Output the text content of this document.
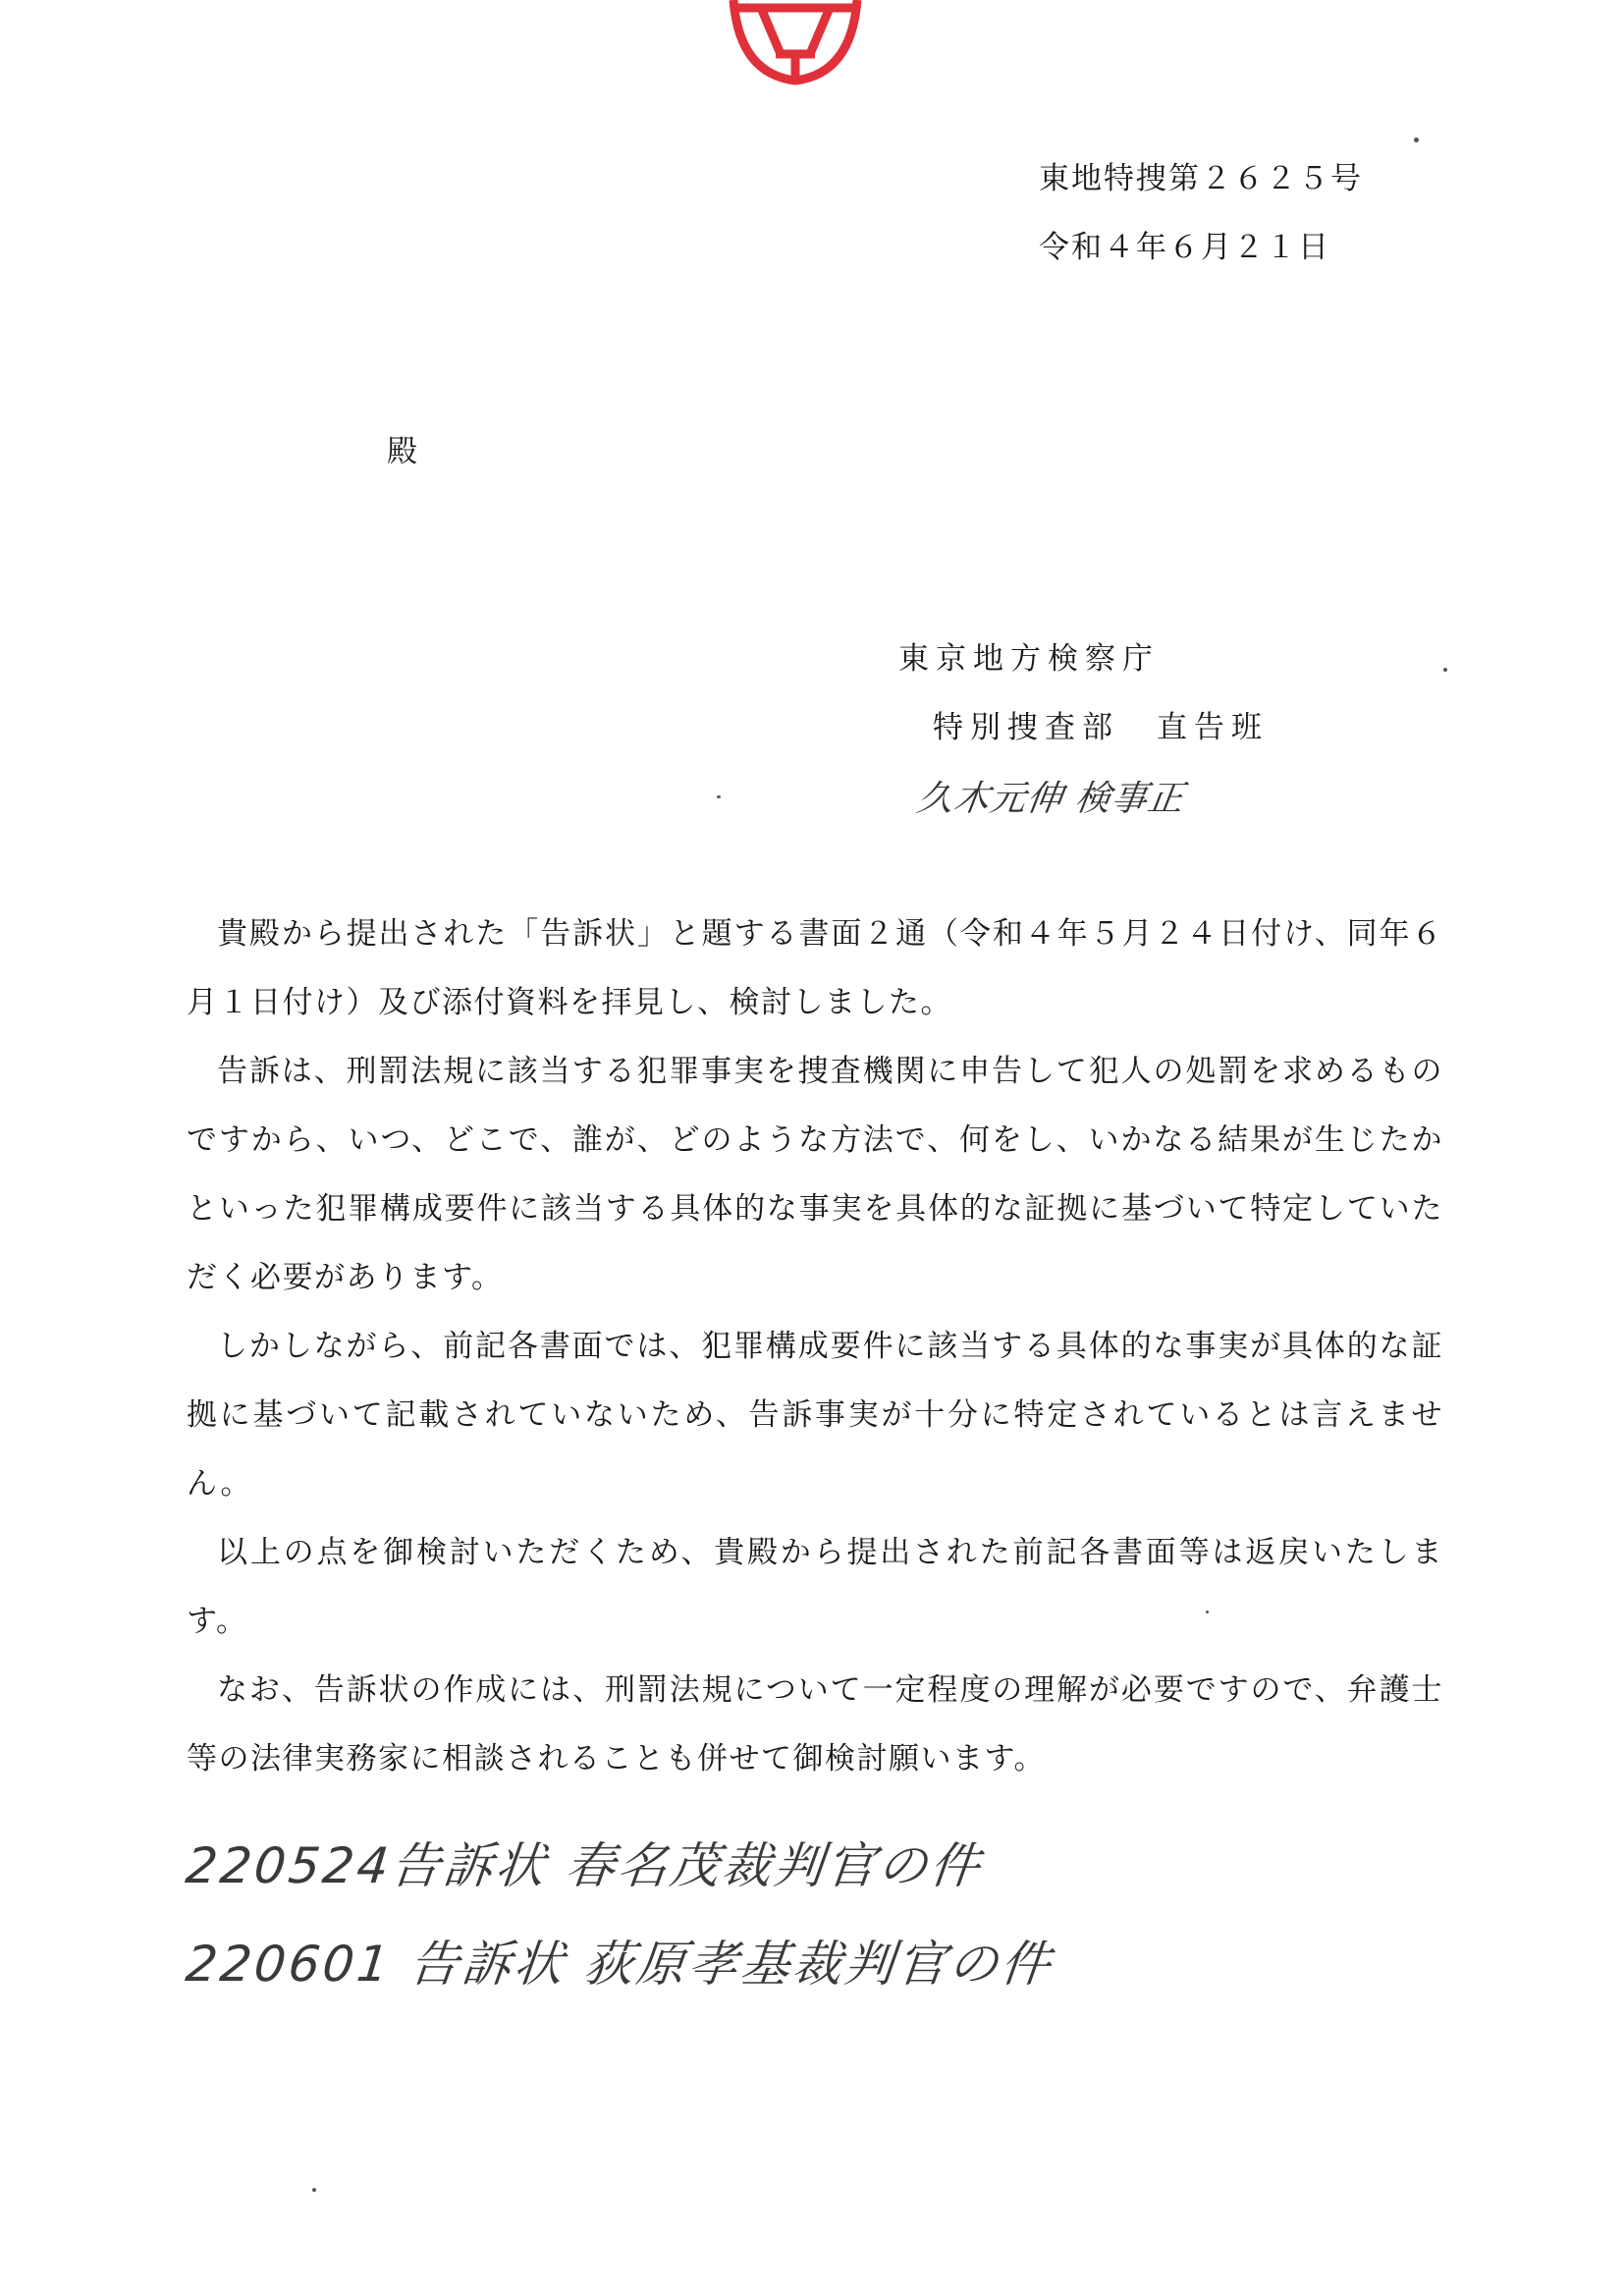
東地特捜第２６２５号
令和４年６月２１日
殿
東京地方検察庁
特別捜査部　直告班
久木元伸 検事正

貴殿から提出された「告訴状」と題する書面２通（令和４年５月２４日付け、同年６月１日付け）及び添付資料を拝見し、検討しました。

告訴は、刑罰法規に該当する犯罪事実を捜査機関に申告して犯人の処罰を求めるものですから、いつ、どこで、誰が、どのような方法で、何をし、いかなる結果が生じたかといった犯罪構成要件に該当する具体的な事実を具体的な証拠に基づいて特定していただく必要があります。

しかしながら、前記各書面では、犯罪構成要件に該当する具体的な事実が具体的な証拠に基づいて記載されていないため、告訴事実が十分に特定されているとは言えません。

以上の点を御検討いただくため、貴殿から提出された前記各書面等は返戻いたします。

なお、告訴状の作成には、刑罰法規について一定程度の理解が必要ですので、弁護士等の法律実務家に相談されることも併せて御検討願います。

220524告訴状 春名茂裁判官の件
220601 告訴状 荻原孝基裁判官の件
